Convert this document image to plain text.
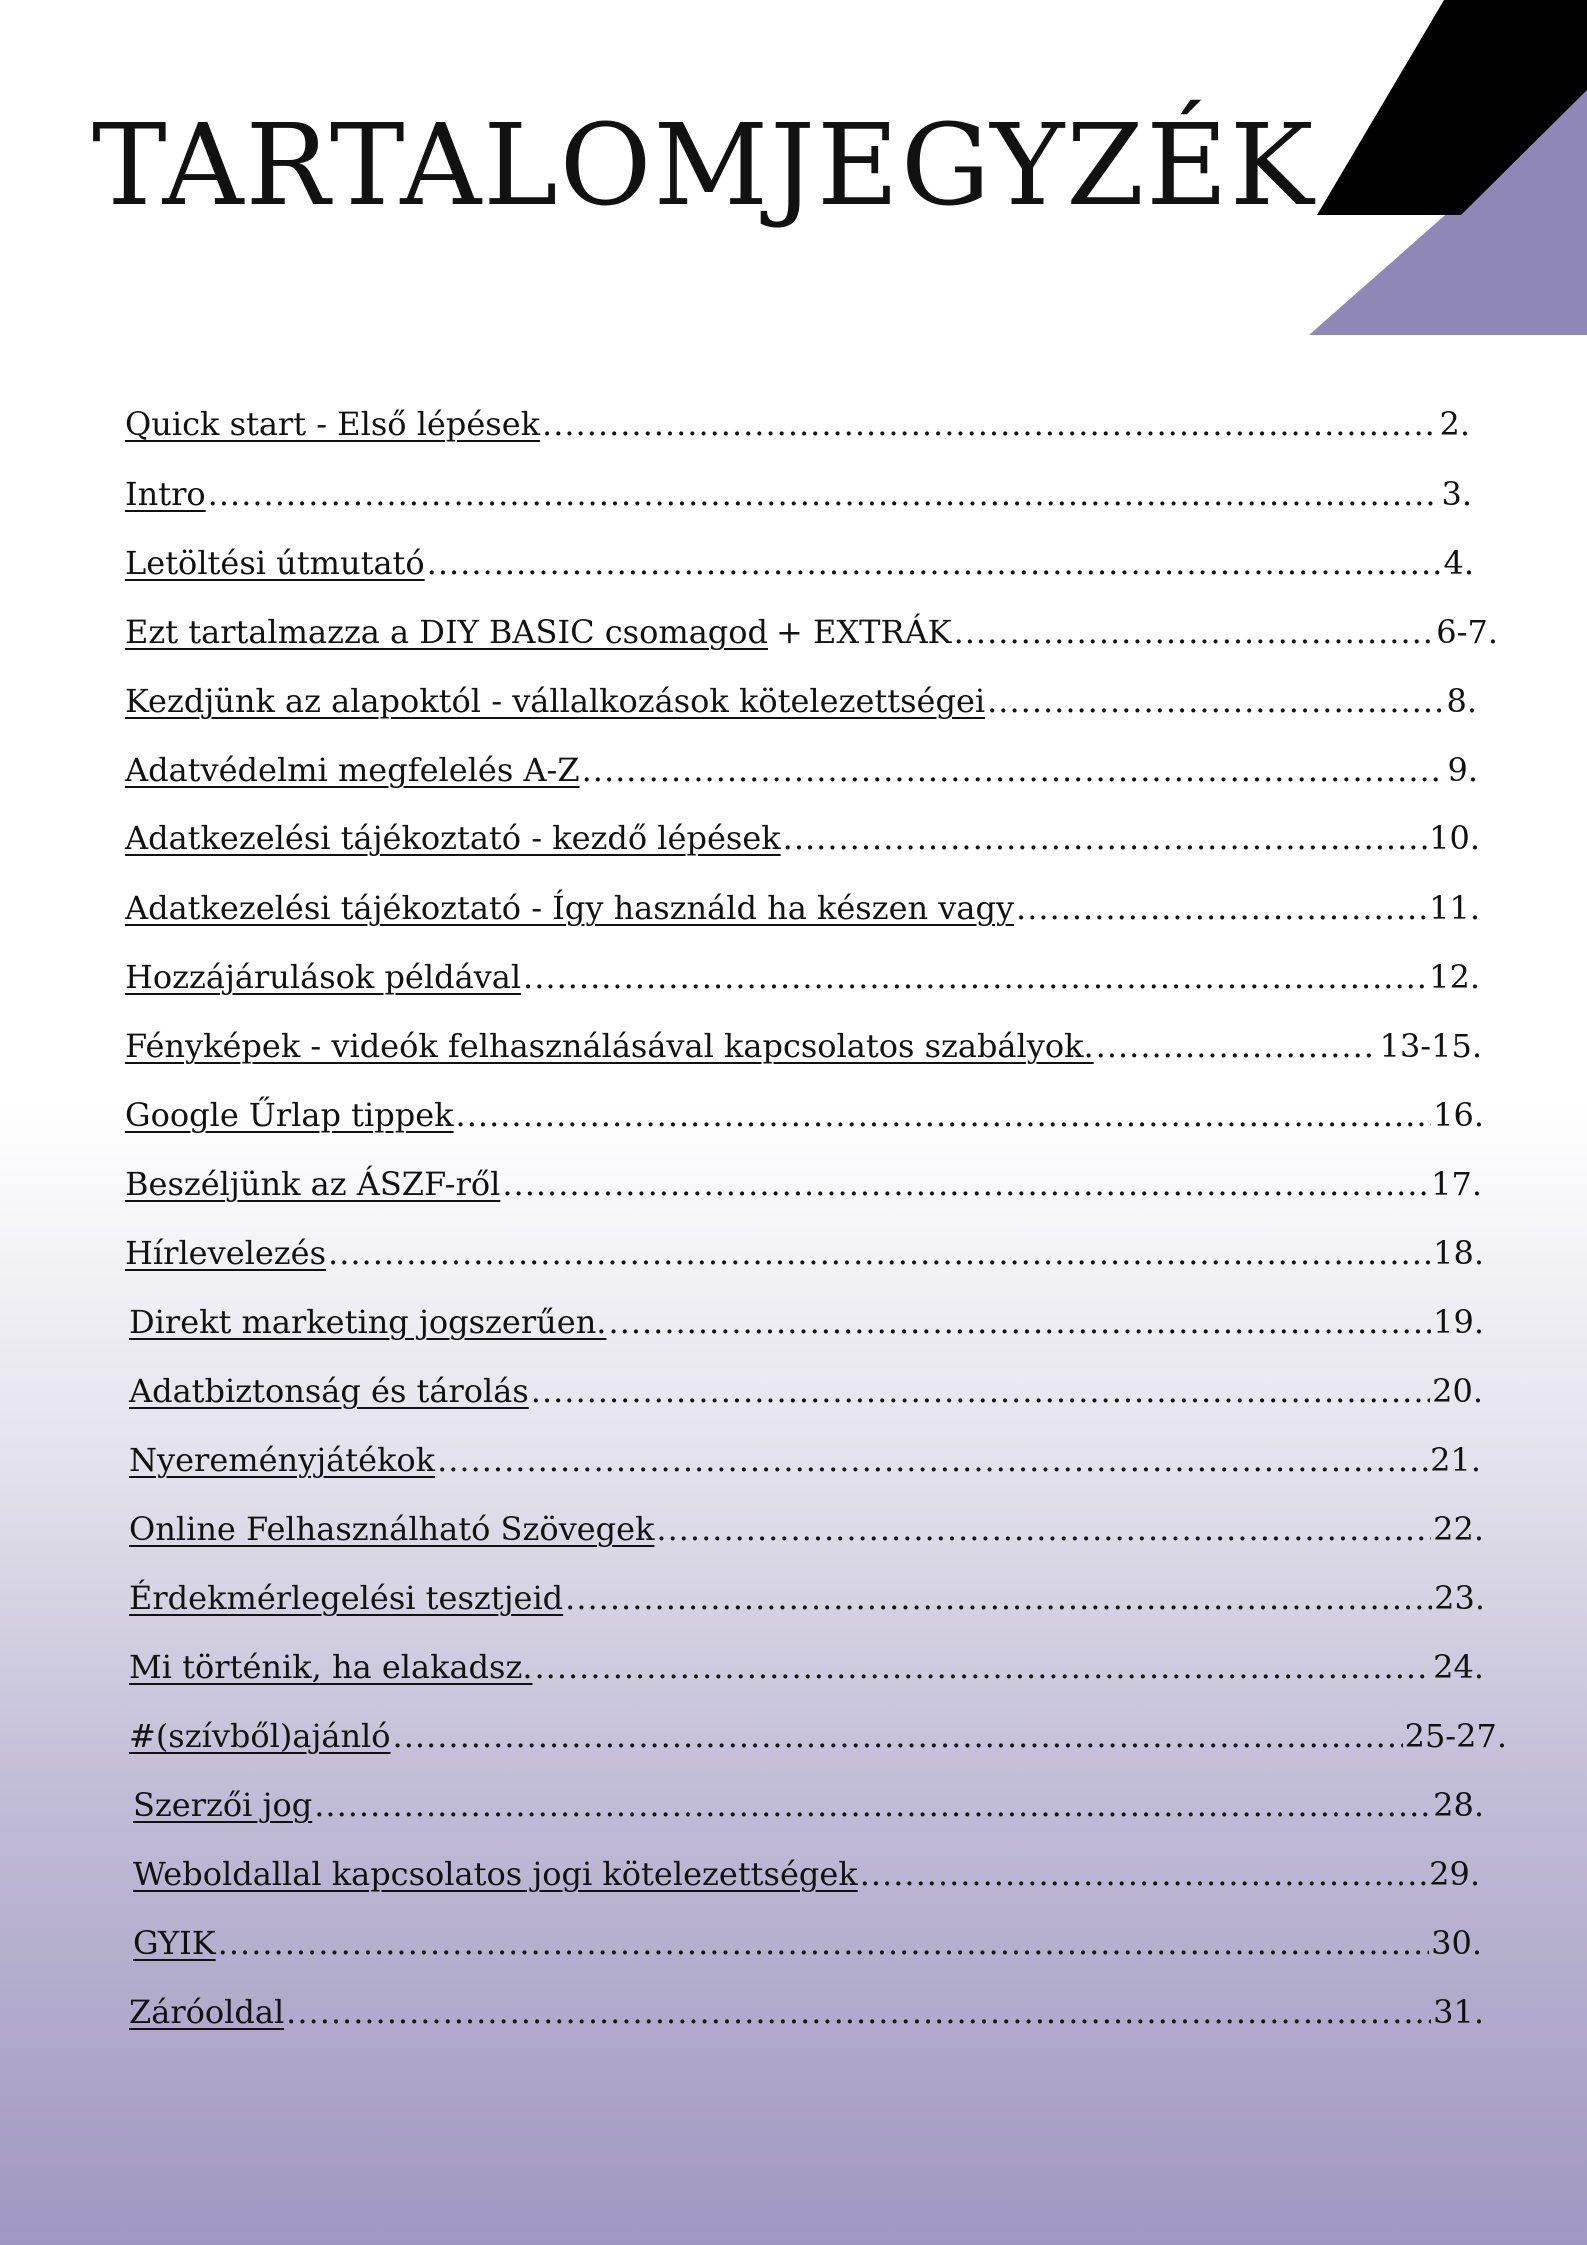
TARTALOMJEGYZÉK
Quick start - Első lépések .....	2.
Intro .....	3.
Letöltési útmutató .....	4.
Ezt tartalmazza a DIY BASIC csomagod + EXTRÁK .....	6-7.
Kezdjünk az alapoktól - vállalkozások kötelezettségei .....	8.
Adatvédelmi megfelelés A-Z .....	9.
Adatkezelési tájékoztató - kezdő lépések .....	10.
Adatkezelési tájékoztató - Így használd ha készen vagy .....	11.
Hozzájárulások példával .....	12.
Fényképek - videók felhasználásával kapcsolatos szabályok. .....	13-15.
Google Űrlap tippek .....	16.
Beszéljünk az ÁSZF-ről .....	17.
Hírlevelezés .....	18.
Direkt marketing jogszerűen. .....	19.
Adatbiztonság és tárolás .....	20.
Nyereményjátékok .....	21.
Online Felhasználható Szövegek .....	22.
Érdekmérlegelési tesztjeid .....	23.
Mi történik, ha elakadsz. .....	24.
#(szívből)ajánló .....	25-27.
Szerzői jog .....	28.
Weboldallal kapcsolatos jogi kötelezettségek .....	29.
GYIK .....	30.
Záróoldal .....	31.
